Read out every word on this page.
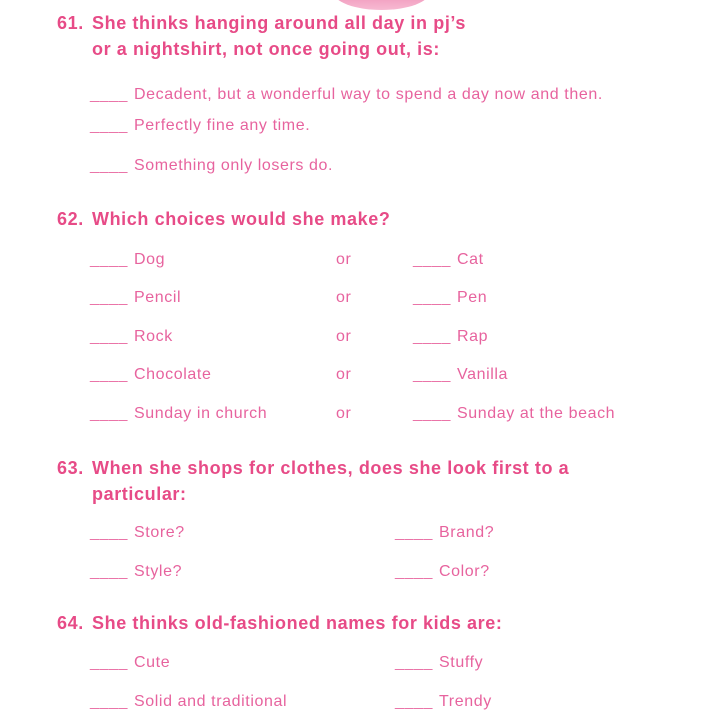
61. She thinks hanging around all day in pj’s
or a nightshirt, not once going out, is:
____ Decadent, but a wonderful way to spend a day now and then.
____ Perfectly fine any time.
____ Something only losers do.
62. Which choices would she make?
____ Dog	or	____ Cat
____ Pencil	or	____ Pen
____ Rock	or	____ Rap
____ Chocolate	or	____ Vanilla
____ Sunday in church	or	____ Sunday at the beach
63. When she shops for clothes, does she look first to a
particular:
____ Store?	____ Brand?
____ Style?	____ Color?
64. She thinks old-fashioned names for kids are:
____ Cute	____ Stuffy
____ Solid and traditional	____ Trendy
